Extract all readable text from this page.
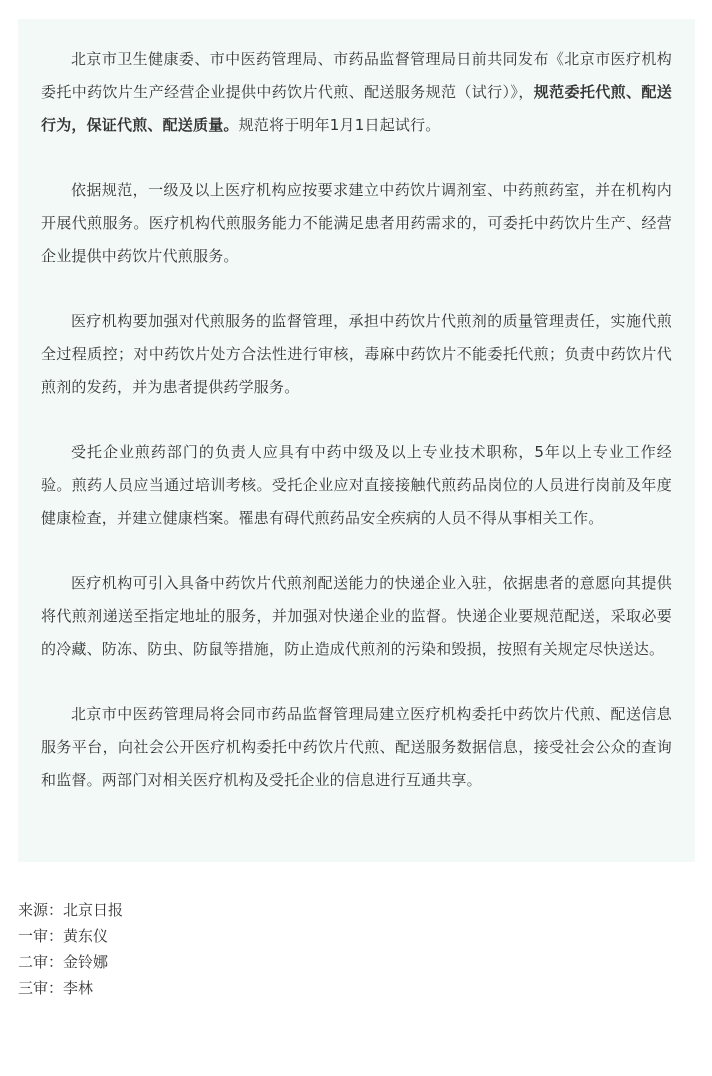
北京市卫生健康委、市中医药管理局、市药品监督管理局日前共同发布《北京市医疗机构委托中药饮片生产经营企业提供中药饮片代煎、配送服务规范（试行）》，规范委托代煎、配送行为，保证代煎、配送质量。规范将于明年1月1日起试行。

依据规范，一级及以上医疗机构应按要求建立中药饮片调剂室、中药煎药室，并在机构内开展代煎服务。医疗机构代煎服务能力不能满足患者用药需求的，可委托中药饮片生产、经营企业提供中药饮片代煎服务。

医疗机构要加强对代煎服务的监督管理，承担中药饮片代煎剂的质量管理责任，实施代煎全过程质控；对中药饮片处方合法性进行审核，毒麻中药饮片不能委托代煎；负责中药饮片代煎剂的发药，并为患者提供药学服务。

受托企业煎药部门的负责人应具有中药中级及以上专业技术职称，5年以上专业工作经验。煎药人员应当通过培训考核。受托企业应对直接接触代煎药品岗位的人员进行岗前及年度健康检查，并建立健康档案。罹患有碍代煎药品安全疾病的人员不得从事相关工作。

医疗机构可引入具备中药饮片代煎剂配送能力的快递企业入驻，依据患者的意愿向其提供将代煎剂递送至指定地址的服务，并加强对快递企业的监督。快递企业要规范配送，采取必要的冷藏、防冻、防虫、防鼠等措施，防止造成代煎剂的污染和毁损，按照有关规定尽快送达。

北京市中医药管理局将会同市药品监督管理局建立医疗机构委托中药饮片代煎、配送信息服务平台，向社会公开医疗机构委托中药饮片代煎、配送服务数据信息，接受社会公众的查询和监督。两部门对相关医疗机构及受托企业的信息进行互通共享。

来源：北京日报
一审：黄东仪
二审：金铃娜
三审：李林
